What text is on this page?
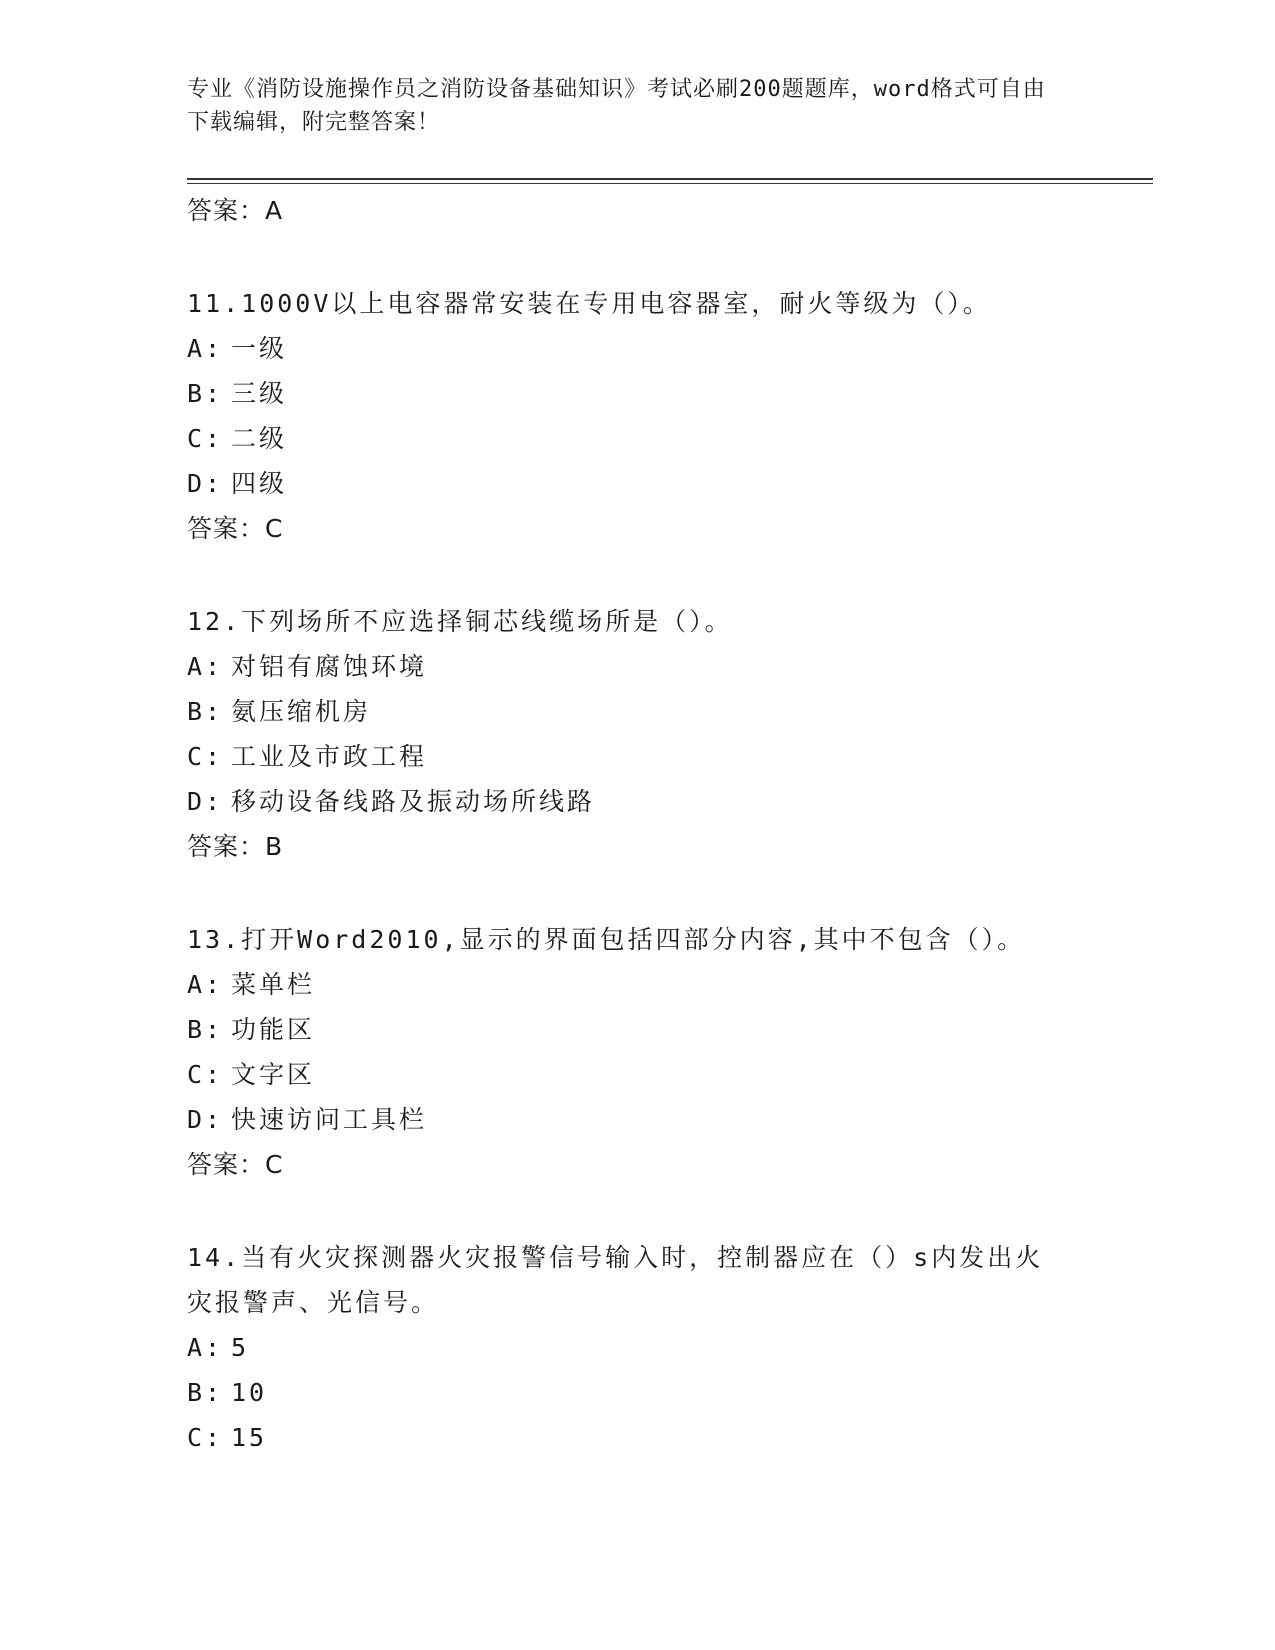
专业《消防设施操作员之消防设备基础知识》考试必刷200题题库，word格式可自由下载编辑，附完整答案！
答案：A
11.1000V以上电容器常安装在专用电容器室，耐火等级为（）。
A: 一级
B: 三级
C: 二级
D: 四级
答案：C
12.下列场所不应选择铜芯线缆场所是（）。
A: 对铝有腐蚀环境
B: 氨压缩机房
C: 工业及市政工程
D: 移动设备线路及振动场所线路
答案：B
13.打开Word2010,显示的界面包括四部分内容,其中不包含（）。
A: 菜单栏
B: 功能区
C: 文字区
D: 快速访问工具栏
答案：C
14.当有火灾探测器火灾报警信号输入时，控制器应在（）s内发出火灾报警声、光信号。
A: 5
B: 10
C: 15
